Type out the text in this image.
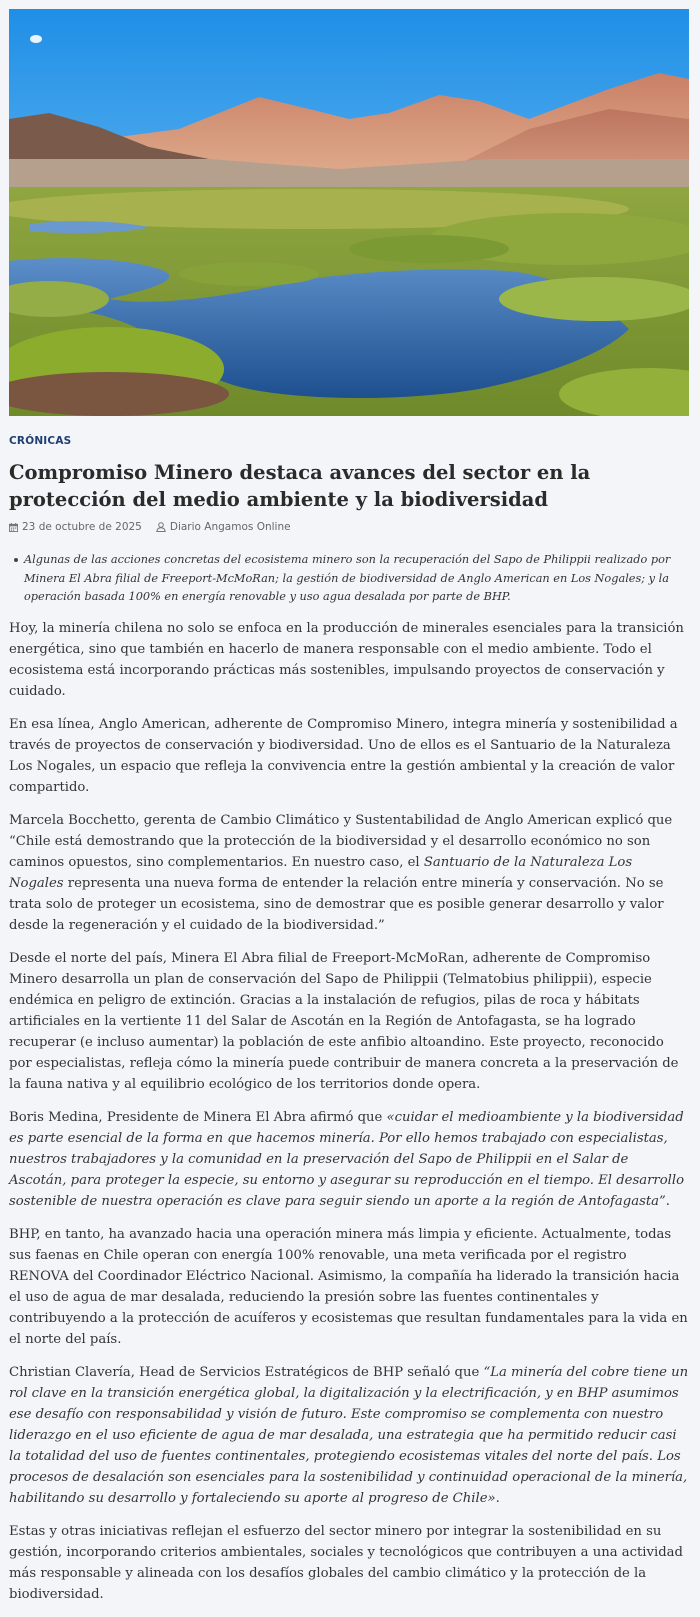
CRÓNICAS
Compromiso Minero destaca avances del sector en la protección del medio ambiente y la biodiversidad
23 de octubre de 2025	Diario Angamos Online
Algunas de las acciones concretas del ecosistema minero son la recuperación del Sapo de Philippii realizado por Minera El Abra filial de Freeport-McMoRan; la gestión de biodiversidad de Anglo American en Los Nogales; y la operación basada 100% en energía renovable y uso agua desalada por parte de BHP.

Hoy, la minería chilena no solo se enfoca en la producción de minerales esenciales para la transición energética, sino que también en hacerlo de manera responsable con el medio ambiente. Todo el ecosistema está incorporando prácticas más sostenibles, impulsando proyectos de conservación y cuidado.

En esa línea, Anglo American, adherente de Compromiso Minero, integra minería y sostenibilidad a través de proyectos de conservación y biodiversidad. Uno de ellos es el Santuario de la Naturaleza Los Nogales, un espacio que refleja la convivencia entre la gestión ambiental y la creación de valor compartido.

Marcela Bocchetto, gerenta de Cambio Climático y Sustentabilidad de Anglo American explicó que “Chile está demostrando que la protección de la biodiversidad y el desarrollo económico no son caminos opuestos, sino complementarios. En nuestro caso, el Santuario de la Naturaleza Los Nogales representa una nueva forma de entender la relación entre minería y conservación. No se trata solo de proteger un ecosistema, sino de demostrar que es posible generar desarrollo y valor desde la regeneración y el cuidado de la biodiversidad.”

Desde el norte del país, Minera El Abra filial de Freeport-McMoRan, adherente de Compromiso Minero desarrolla un plan de conservación del Sapo de Philippii (Telmatobius philippii), especie endémica en peligro de extinción. Gracias a la instalación de refugios, pilas de roca y hábitats artificiales en la vertiente 11 del Salar de Ascotán en la Región de Antofagasta, se ha logrado recuperar (e incluso aumentar) la población de este anfibio altoandino. Este proyecto, reconocido por especialistas, refleja cómo la minería puede contribuir de manera concreta a la preservación de la fauna nativa y al equilibrio ecológico de los territorios donde opera.

Boris Medina, Presidente de Minera El Abra afirmó que «cuidar el medioambiente y la biodiversidad es parte esencial de la forma en que hacemos minería. Por ello hemos trabajado con especialistas, nuestros trabajadores y la comunidad en la preservación del Sapo de Philippii en el Salar de Ascotán, para proteger la especie, su entorno y asegurar su reproducción en el tiempo. El desarrollo sostenible de nuestra operación es clave para seguir siendo un aporte a la región de Antofagasta”.

BHP, en tanto, ha avanzado hacia una operación minera más limpia y eficiente. Actualmente, todas sus faenas en Chile operan con energía 100% renovable, una meta verificada por el registro RENOVA del Coordinador Eléctrico Nacional. Asimismo, la compañía ha liderado la transición hacia el uso de agua de mar desalada, reduciendo la presión sobre las fuentes continentales y contribuyendo a la protección de acuíferos y ecosistemas que resultan fundamentales para la vida en el norte del país.

Christian Clavería, Head de Servicios Estratégicos de BHP señaló que “La minería del cobre tiene un rol clave en la transición energética global, la digitalización y la electrificación, y en BHP asumimos ese desafío con responsabilidad y visión de futuro. Este compromiso se complementa con nuestro liderazgo en el uso eficiente de agua de mar desalada, una estrategia que ha permitido reducir casi la totalidad del uso de fuentes continentales, protegiendo ecosistemas vitales del norte del país. Los procesos de desalación son esenciales para la sostenibilidad y continuidad operacional de la minería, habilitando su desarrollo y fortaleciendo su aporte al progreso de Chile».

Estas y otras iniciativas reflejan el esfuerzo del sector minero por integrar la sostenibilidad en su gestión, incorporando criterios ambientales, sociales y tecnológicos que contribuyen a una actividad más responsable y alineada con los desafíos globales del cambio climático y la protección de la biodiversidad.
